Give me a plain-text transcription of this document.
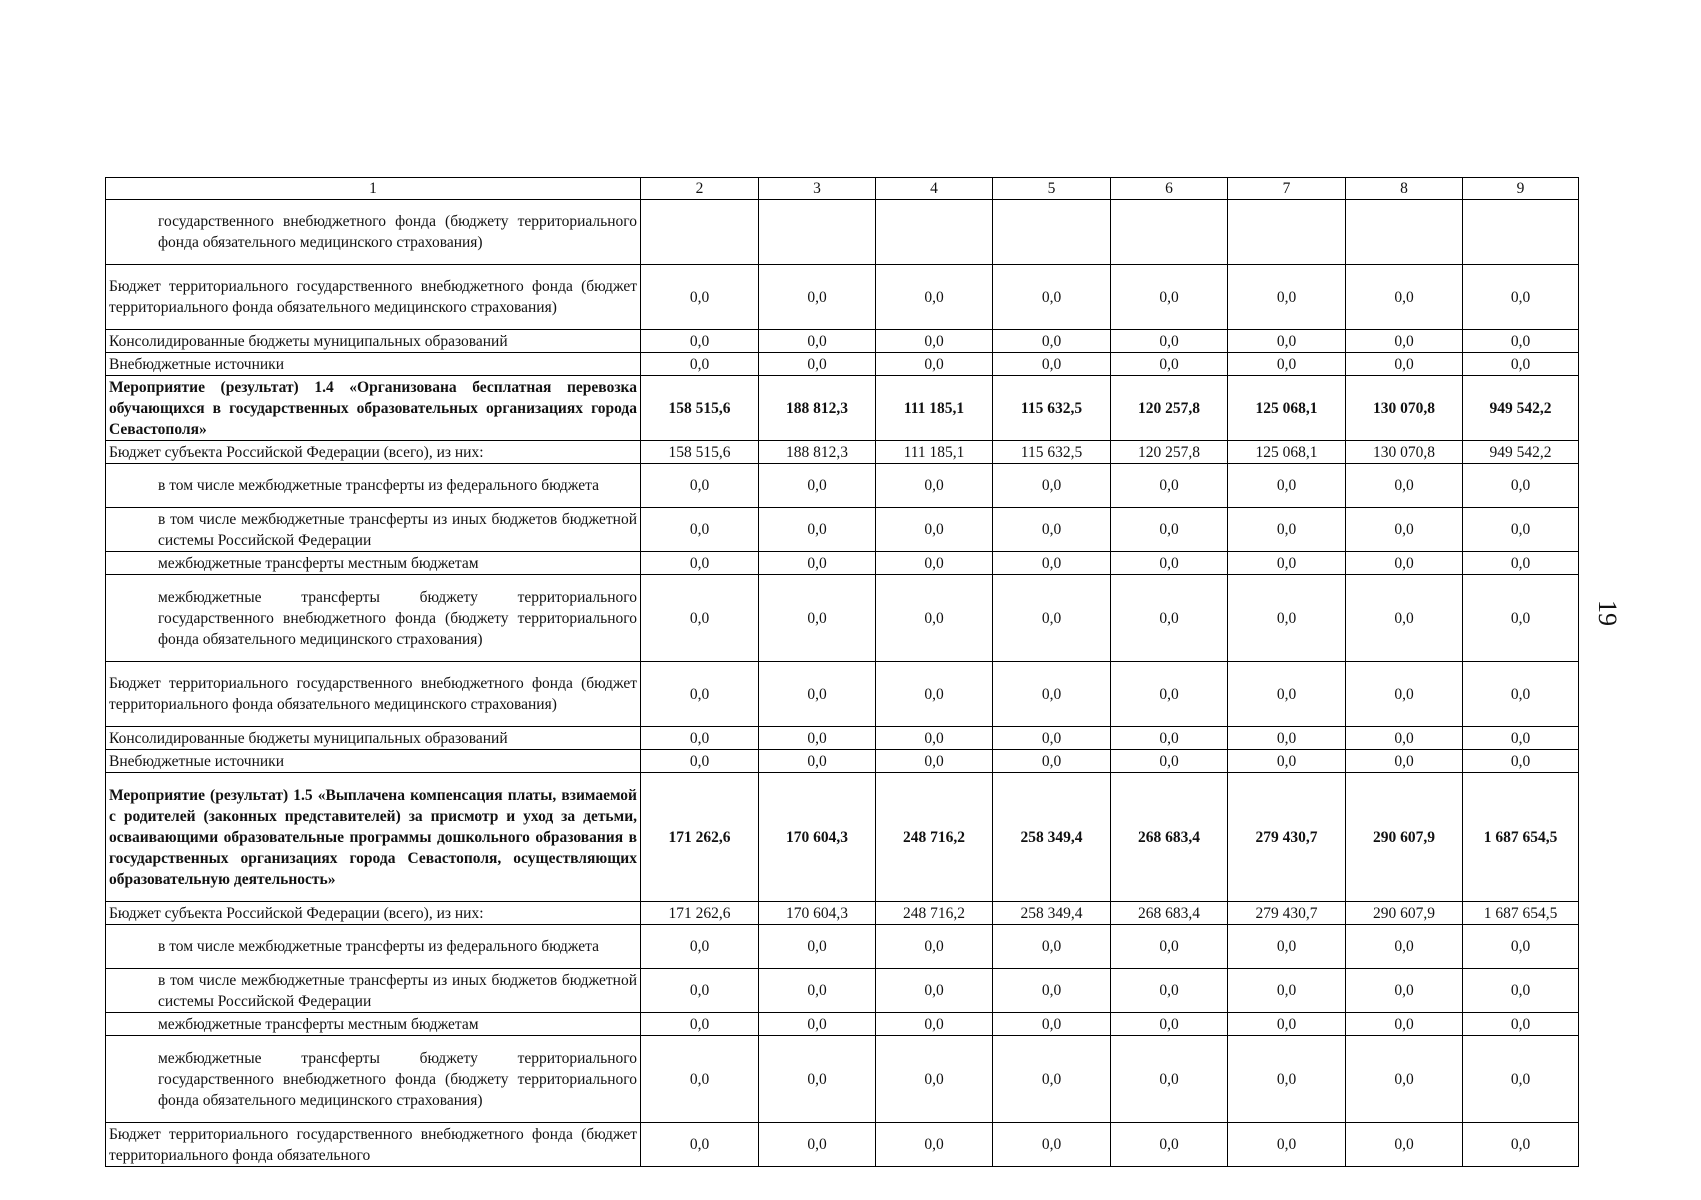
19
1	2	3	4	5	6	7	8	9
государственного внебюджетного фонда (бюджету территориального фонда обязательного медицинского страхования)								
Бюджет территориального государственного внебюджетного фонда (бюджет территориального фонда обязательного медицинского страхования)	0,0	0,0	0,0	0,0	0,0	0,0	0,0	0,0
Консолидированные бюджеты муниципальных образований	0,0	0,0	0,0	0,0	0,0	0,0	0,0	0,0
Внебюджетные источники	0,0	0,0	0,0	0,0	0,0	0,0	0,0	0,0
Мероприятие (результат) 1.4 «Организована бесплатная перевозка обучающихся в государственных образовательных организациях города Севастополя»	158 515,6	188 812,3	111 185,1	115 632,5	120 257,8	125 068,1	130 070,8	949 542,2
Бюджет субъекта Российской Федерации (всего), из них:	158 515,6	188 812,3	111 185,1	115 632,5	120 257,8	125 068,1	130 070,8	949 542,2
в том числе межбюджетные трансферты из федерального бюджета	0,0	0,0	0,0	0,0	0,0	0,0	0,0	0,0
в том числе межбюджетные трансферты из иных бюджетов бюджетной системы Российской Федерации	0,0	0,0	0,0	0,0	0,0	0,0	0,0	0,0
межбюджетные трансферты местным бюджетам	0,0	0,0	0,0	0,0	0,0	0,0	0,0	0,0
межбюджетные трансферты бюджету территориального государственного внебюджетного фонда (бюджету территориального фонда обязательного медицинского страхования)	0,0	0,0	0,0	0,0	0,0	0,0	0,0	0,0
Бюджет территориального государственного внебюджетного фонда (бюджет территориального фонда обязательного медицинского страхования)	0,0	0,0	0,0	0,0	0,0	0,0	0,0	0,0
Консолидированные бюджеты муниципальных образований	0,0	0,0	0,0	0,0	0,0	0,0	0,0	0,0
Внебюджетные источники	0,0	0,0	0,0	0,0	0,0	0,0	0,0	0,0
Мероприятие (результат) 1.5 «Выплачена компенсация платы, взимаемой с родителей (законных представителей) за присмотр и уход за детьми, осваивающими образовательные программы дошкольного образования в государственных организациях города Севастополя, осуществляющих образовательную деятельность»	171 262,6	170 604,3	248 716,2	258 349,4	268 683,4	279 430,7	290 607,9	1 687 654,5
Бюджет субъекта Российской Федерации (всего), из них:	171 262,6	170 604,3	248 716,2	258 349,4	268 683,4	279 430,7	290 607,9	1 687 654,5
в том числе межбюджетные трансферты из федерального бюджета	0,0	0,0	0,0	0,0	0,0	0,0	0,0	0,0
в том числе межбюджетные трансферты из иных бюджетов бюджетной системы Российской Федерации	0,0	0,0	0,0	0,0	0,0	0,0	0,0	0,0
межбюджетные трансферты местным бюджетам	0,0	0,0	0,0	0,0	0,0	0,0	0,0	0,0
межбюджетные трансферты бюджету территориального государственного внебюджетного фонда (бюджету территориального фонда обязательного медицинского страхования)	0,0	0,0	0,0	0,0	0,0	0,0	0,0	0,0
Бюджет территориального государственного внебюджетного фонда (бюджет территориального фонда обязательного	0,0	0,0	0,0	0,0	0,0	0,0	0,0	0,0
